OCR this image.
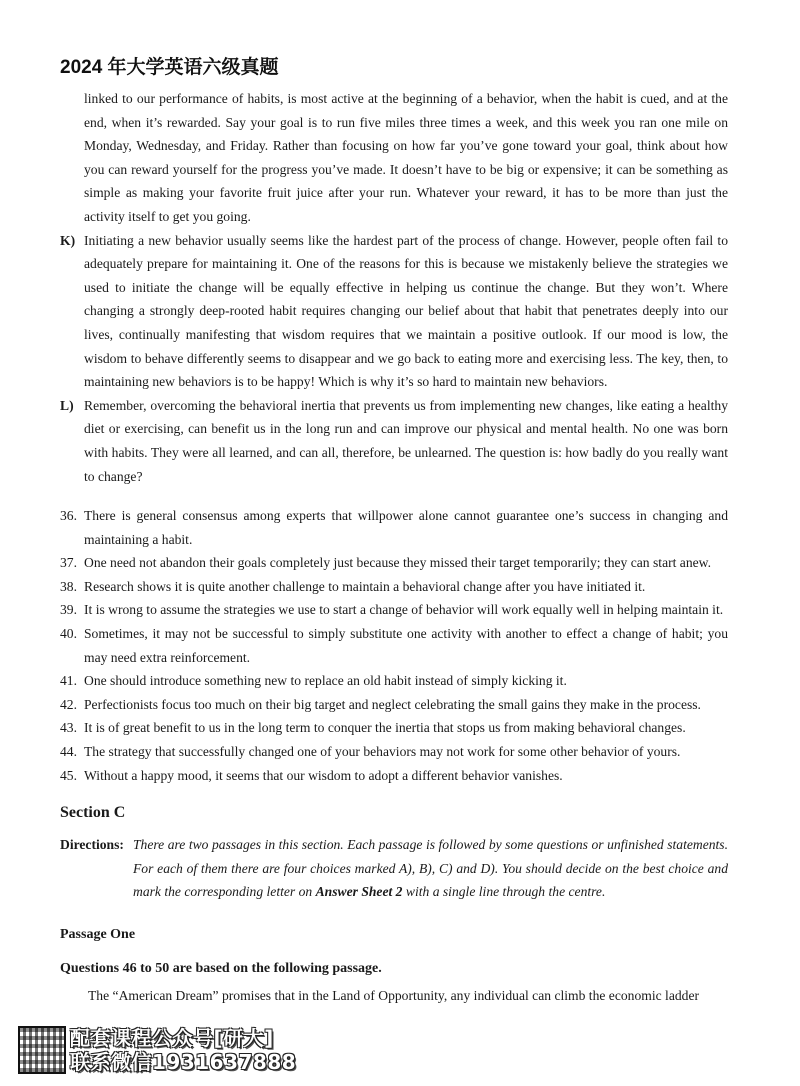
2024 年大学英语六级真题
linked to our performance of habits, is most active at the beginning of a behavior, when the habit is cued, and at the end, when it’s rewarded. Say your goal is to run five miles three times a week, and this week you ran one mile on Monday, Wednesday, and Friday. Rather than focusing on how far you’ve gone toward your goal, think about how you can reward yourself for the progress you’ve made. It doesn’t have to be big or expensive; it can be something as simple as making your favorite fruit juice after your run. Whatever your reward, it has to be more than just the activity itself to get you going.
K) Initiating a new behavior usually seems like the hardest part of the process of change. However, people often fail to adequately prepare for maintaining it. One of the reasons for this is because we mistakenly believe the strategies we used to initiate the change will be equally effective in helping us continue the change. But they won’t. Where changing a strongly deep-rooted habit requires changing our belief about that habit that penetrates deeply into our lives, continually manifesting that wisdom requires that we maintain a positive outlook. If our mood is low, the wisdom to behave differently seems to disappear and we go back to eating more and exercising less. The key, then, to maintaining new behaviors is to be happy! Which is why it’s so hard to maintain new behaviors.
L) Remember, overcoming the behavioral inertia that prevents us from implementing new changes, like eating a healthy diet or exercising, can benefit us in the long run and can improve our physical and mental health. No one was born with habits. They were all learned, and can all, therefore, be unlearned. The question is: how badly do you really want to change?
36. There is general consensus among experts that willpower alone cannot guarantee one’s success in changing and maintaining a habit.
37. One need not abandon their goals completely just because they missed their target temporarily; they can start anew.
38. Research shows it is quite another challenge to maintain a behavioral change after you have initiated it.
39. It is wrong to assume the strategies we use to start a change of behavior will work equally well in helping maintain it.
40. Sometimes, it may not be successful to simply substitute one activity with another to effect a change of habit; you may need extra reinforcement.
41. One should introduce something new to replace an old habit instead of simply kicking it.
42. Perfectionists focus too much on their big target and neglect celebrating the small gains they make in the process.
43. It is of great benefit to us in the long term to conquer the inertia that stops us from making behavioral changes.
44. The strategy that successfully changed one of your behaviors may not work for some other behavior of yours.
45. Without a happy mood, it seems that our wisdom to adopt a different behavior vanishes.
Section C
Directions: There are two passages in this section. Each passage is followed by some questions or unfinished statements. For each of them there are four choices marked A), B), C) and D). You should decide on the best choice and mark the corresponding letter on Answer Sheet 2 with a single line through the centre.
Passage One
Questions 46 to 50 are based on the following passage.
The “American Dream” promises that in the Land of Opportunity, any individual can climb the economic ladder
配套课程公众号[研大]
联系微信1931637888
